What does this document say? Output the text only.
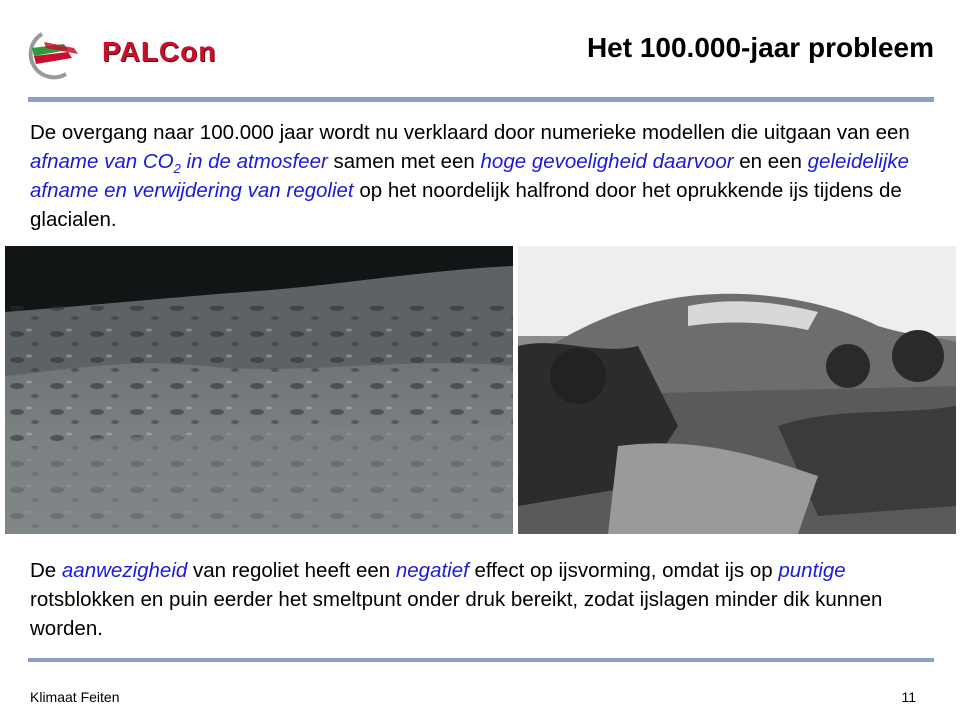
PALCon	Het 100.000-jaar probleem
De overgang naar 100.000 jaar wordt nu verklaard door numerieke modellen die uitgaan van een afname van $CO_2$ in de atmosfeer samen met een hoge gevoeligheid daarvoor en een geleidelijke afname en verwijdering van regoliet op het noordelijk halfrond door het oprukkende ijs tijdens de glacialen.
De aanwezigheid van regoliet heeft een negatief effect op ijsvorming, omdat ijs op puntige rotsblokken en puin eerder het smeltpunt onder druk bereikt, zodat ijslagen minder dik kunnen worden.
Klimaat Feiten	11
